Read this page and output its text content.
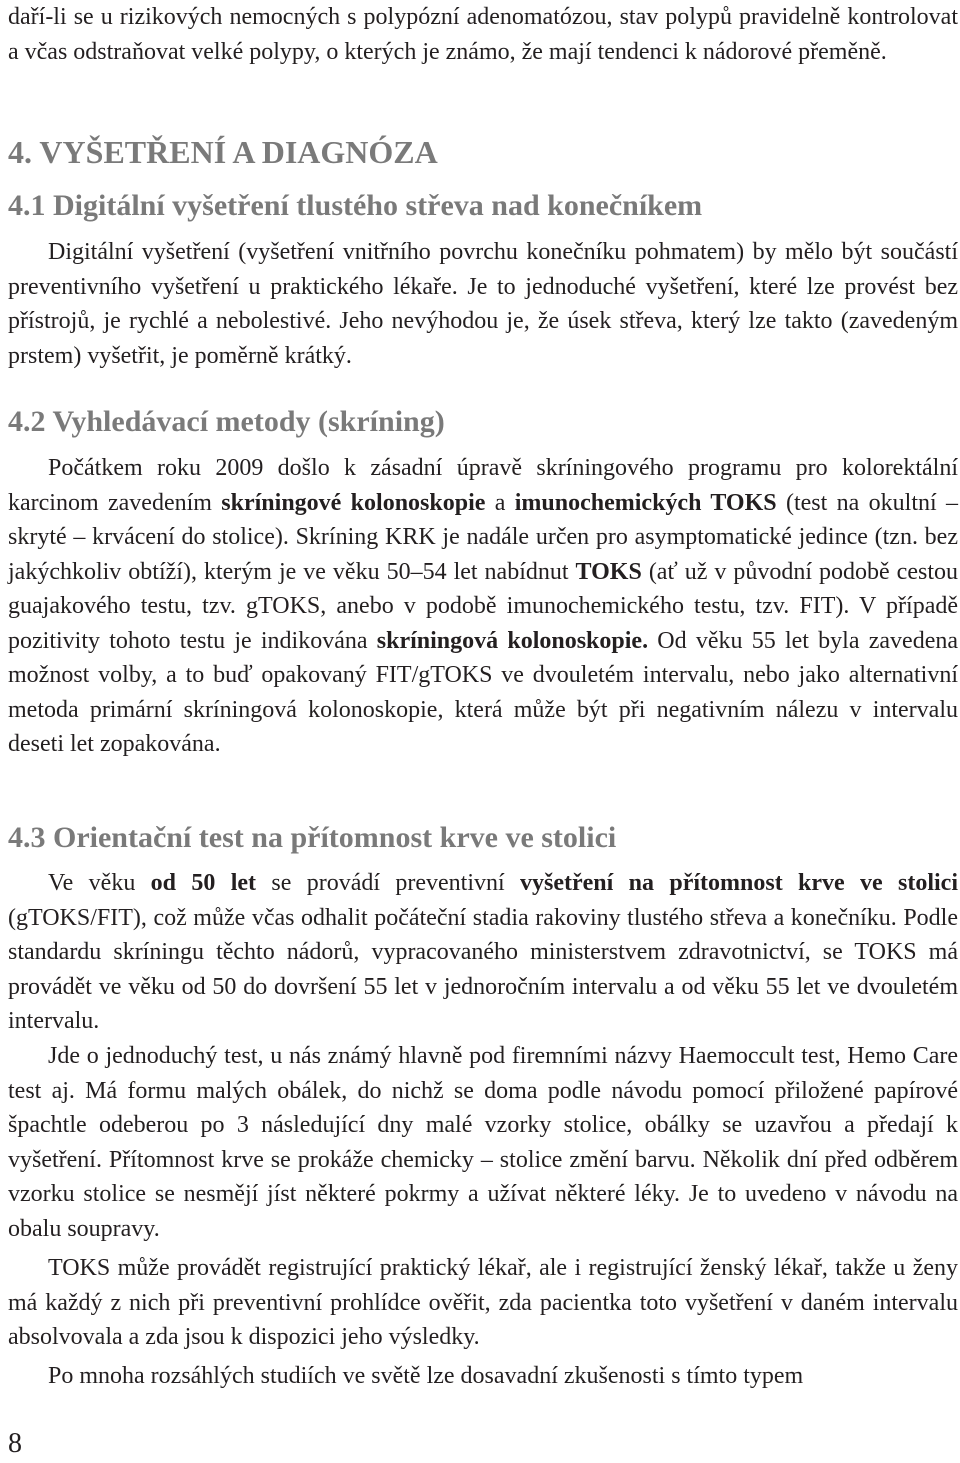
daří-li se u rizikových nemocných s polypózní adenomatózou, stav polypů pravidelně kontrolovat a včas odstraňovat velké polypy, o kterých je známo, že mají tendenci k nádorové přeměně.

4. VYŠETŘENÍ A DIAGNÓZA
4.1 Digitální vyšetření tlustého střeva nad konečníkem

Digitální vyšetření (vyšetření vnitřního povrchu konečníku pohmatem) by mělo být součástí preventivního vyšetření u praktického lékaře. Je to jednoduché vyšetření, které lze provést bez přístrojů, je rychlé a nebolestivé. Jeho nevýhodou je, že úsek střeva, který lze takto (zavedeným prstem) vyšetřit, je poměrně krátký.

4.2 Vyhledávací metody (skríning)

Počátkem roku 2009 došlo k zásadní úpravě skríningového programu pro kolorektální karcinom zavedením skríningové kolonoskopie a imunochemických TOKS (test na okultní – skryté – krvácení do stolice). Skríning KRK je nadále určen pro asymptomatické jedince (tzn. bez jakýchkoliv obtíží), kterým je ve věku 50–54 let nabídnut TOKS (ať už v původní podobě cestou guajakového testu, tzv. gTOKS, anebo v podobě imunochemického testu, tzv. FIT). V případě pozitivity tohoto testu je indikována skríningová kolonoskopie. Od věku 55 let byla zavedena možnost volby, a to buď opakovaný FIT/gTOKS ve dvouletém intervalu, nebo jako alternativní metoda primární skríningová kolonoskopie, která může být při negativním nálezu v intervalu deseti let zopakována.

4.3 Orientační test na přítomnost krve ve stolici

Ve věku od 50 let se provádí preventivní vyšetření na přítomnost krve ve stolici (gTOKS/FIT), což může včas odhalit počáteční stadia rakoviny tlustého střeva a konečníku. Podle standardu skríningu těchto nádorů, vypracovaného ministerstvem zdravotnictví, se TOKS má provádět ve věku od 50 do dovršení 55 let v jednoročním intervalu a od věku 55 let ve dvouletém intervalu.

Jde o jednoduchý test, u nás známý hlavně pod firemními názvy Haemoccult test, Hemo Care test aj. Má formu malých obálek, do nichž se doma podle návodu pomocí přiložené papírové špachtle odeberou po 3 následující dny malé vzorky stolice, obálky se uzavřou a předají k vyšetření. Přítomnost krve se prokáže chemicky – stolice změní barvu. Několik dní před odběrem vzorku stolice se nesmějí jíst některé pokrmy a užívat některé léky. Je to uvedeno v návodu na obalu soupravy.

TOKS může provádět registrující praktický lékař, ale i registrující ženský lékař, takže u ženy má každý z nich při preventivní prohlídce ověřit, zda pacientka toto vyšetření v daném intervalu absolvovala a zda jsou k dispozici jeho výsledky.

Po mnoha rozsáhlých studiích ve světě lze dosavadní zkušenosti s tímto typem

8
